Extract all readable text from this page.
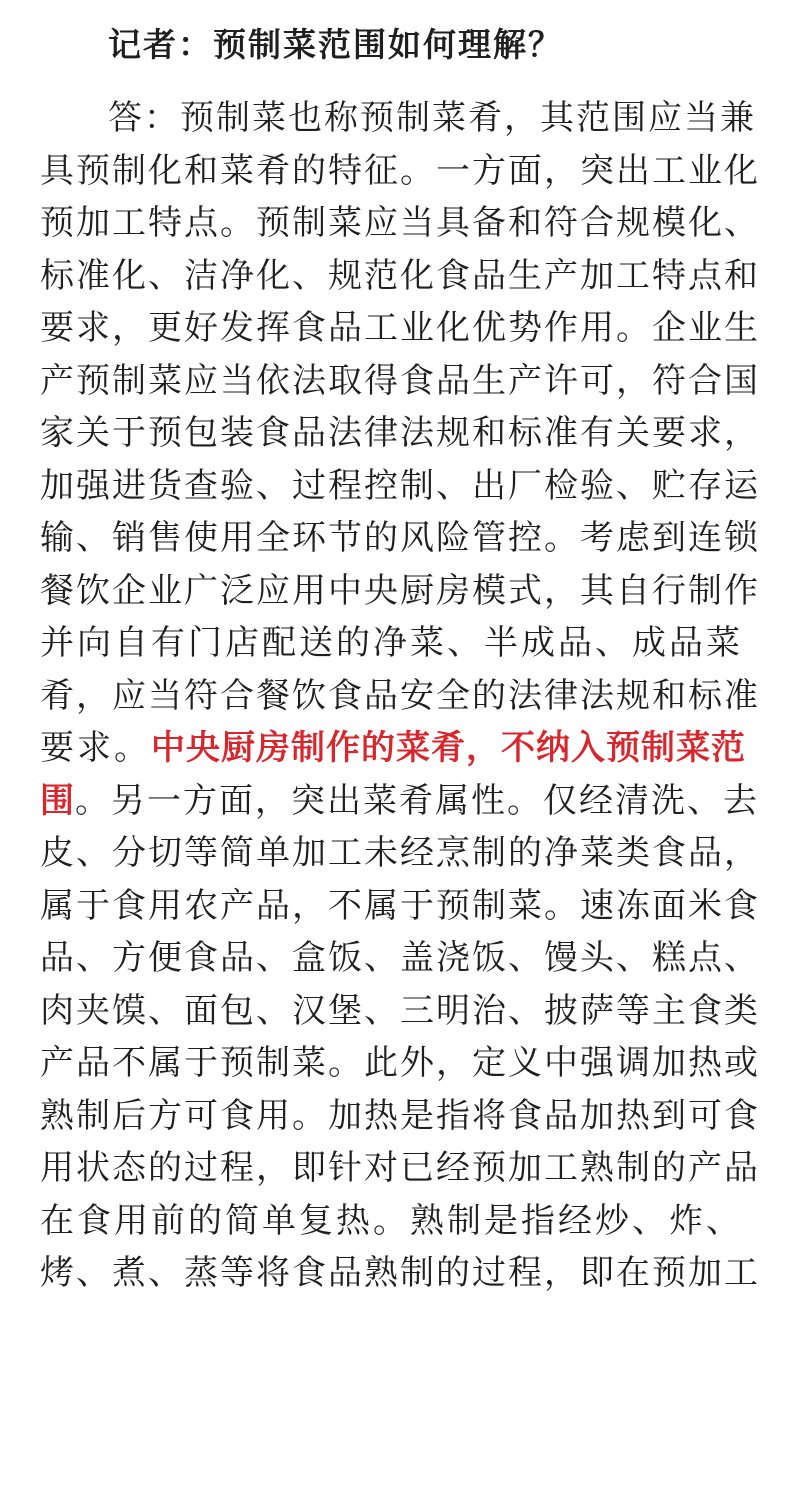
记者：预制菜范围如何理解？
答：预制菜也称预制菜肴，其范围应当兼
具预制化和菜肴的特征。一方面，突出工业化
预加工特点。预制菜应当具备和符合规模化、
标准化、洁净化、规范化食品生产加工特点和
要求，更好发挥食品工业化优势作用。企业生
产预制菜应当依法取得食品生产许可，符合国
家关于预包装食品法律法规和标准有关要求，
加强进货查验、过程控制、出厂检验、贮存运
输、销售使用全环节的风险管控。考虑到连锁
餐饮企业广泛应用中央厨房模式，其自行制作
并向自有门店配送的净菜、半成品、成品菜
肴，应当符合餐饮食品安全的法律法规和标准
要求。中央厨房制作的菜肴，不纳入预制菜范
围。另一方面，突出菜肴属性。仅经清洗、去
皮、分切等简单加工未经烹制的净菜类食品，
属于食用农产品，不属于预制菜。速冻面米食
品、方便食品、盒饭、盖浇饭、馒头、糕点、
肉夹馍、面包、汉堡、三明治、披萨等主食类
产品不属于预制菜。此外，定义中强调加热或
熟制后方可食用。加热是指将食品加热到可食
用状态的过程，即针对已经预加工熟制的产品
在食用前的简单复热。熟制是指经炒、炸、
烤、煮、蒸等将食品熟制的过程，即在预加工
